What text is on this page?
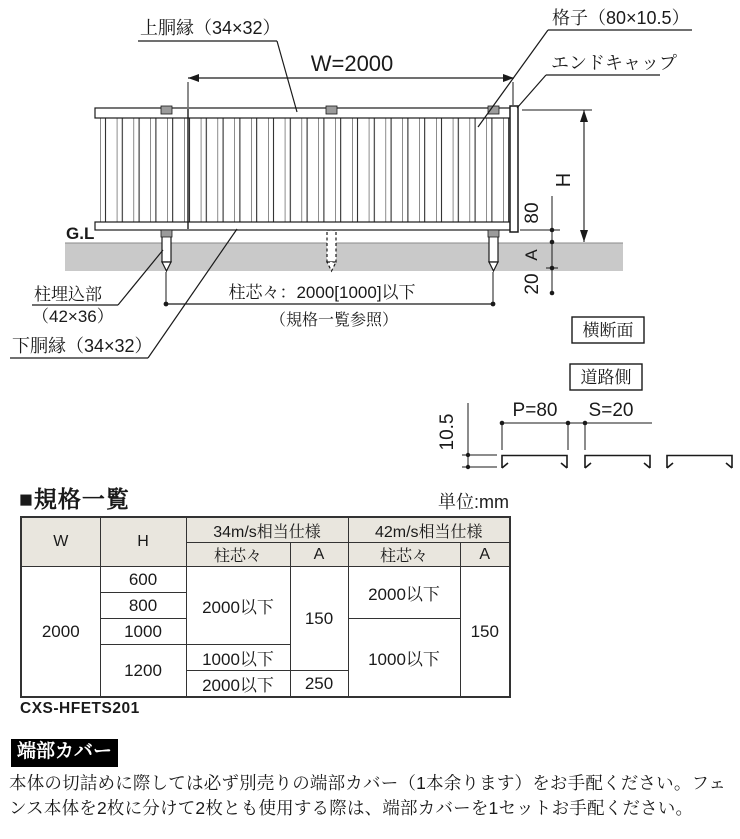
W=2000
上胴縁（34×32）	格子（80×10.5）
エンドキャップ
G.L
柱埋込部
（42×36）
下胴縁（34×32）
柱芯々：2000[1000]以下
（規格一覧参照）
H
80
A
20
横断面
道路側
P=80 S=20
10.5
■規格一覧	単位:mm
W	H	34m/s相当仕様		42m/s相当仕様	
		柱芯々	A	柱芯々	A
2000	600	2000以下	150	2000以下	150
	800				
	1000			1000以下	
	1200	1000以下			
		2000以下	250		
CXS-HFETS201
端部カバー
本体の切詰めに際しては必ず別売りの端部カバー（1本余ります）をお手配ください。フェンス本体を2枚に分けて2枚とも使用する際は、端部カバーを1セットお手配ください。
